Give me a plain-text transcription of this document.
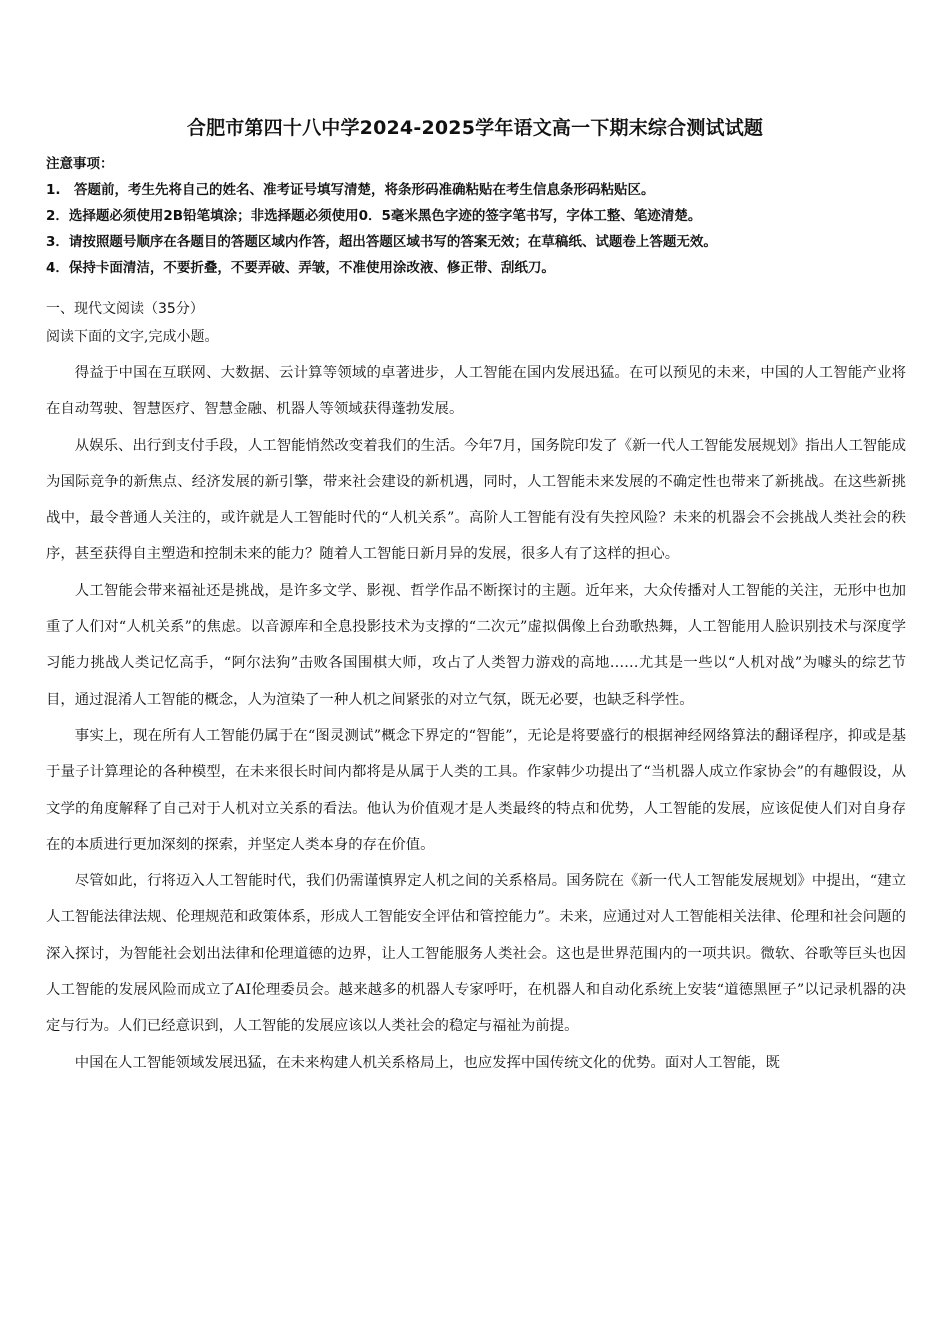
合肥市第四十八中学2024-2025学年语文高一下期末综合测试试题
注意事项：
1.　答题前，考生先将自己的姓名、准考证号填写清楚，将条形码准确粘贴在考生信息条形码粘贴区。
2．选择题必须使用2B铅笔填涂；非选择题必须使用0．5毫米黑色字迹的签字笔书写，字体工整、笔迹清楚。
3．请按照题号顺序在各题目的答题区域内作答，超出答题区域书写的答案无效；在草稿纸、试题卷上答题无效。
4．保持卡面清洁，不要折叠，不要弄破、弄皱，不准使用涂改液、修正带、刮纸刀。
一、现代文阅读（35分）
阅读下面的文字,完成小题。

得益于中国在互联网、大数据、云计算等领域的卓著进步，人工智能在国内发展迅猛。在可以预见的未来，中国的人工智能产业将在自动驾驶、智慧医疗、智慧金融、机器人等领域获得蓬勃发展。

从娱乐、出行到支付手段，人工智能悄然改变着我们的生活。今年7月，国务院印发了《新一代人工智能发展规划》指出人工智能成为国际竞争的新焦点、经济发展的新引擎，带来社会建设的新机遇，同时，人工智能未来发展的不确定性也带来了新挑战。在这些新挑战中，最令普通人关注的，或许就是人工智能时代的“人机关系”。高阶人工智能有没有失控风险？未来的机器会不会挑战人类社会的秩序，甚至获得自主塑造和控制未来的能力？随着人工智能日新月异的发展，很多人有了这样的担心。

人工智能会带来福祉还是挑战，是许多文学、影视、哲学作品不断探讨的主题。近年来，大众传播对人工智能的关注，无形中也加重了人们对“人机关系”的焦虑。以音源库和全息投影技术为支撑的“二次元”虚拟偶像上台劲歌热舞，人工智能用人脸识别技术与深度学习能力挑战人类记忆高手，“阿尔法狗”击败各国围棋大师，攻占了人类智力游戏的高地……尤其是一些以“人机对战”为噱头的综艺节目，通过混淆人工智能的概念，人为渲染了一种人机之间紧张的对立气氛，既无必要，也缺乏科学性。

事实上，现在所有人工智能仍属于在“图灵测试”概念下界定的“智能”，无论是将要盛行的根据神经网络算法的翻译程序，抑或是基于量子计算理论的各种模型，在未来很长时间内都将是从属于人类的工具。作家韩少功提出了“当机器人成立作家协会”的有趣假设，从文学的角度解释了自己对于人机对立关系的看法。他认为价值观才是人类最终的特点和优势，人工智能的发展，应该促使人们对自身存在的本质进行更加深刻的探索，并坚定人类本身的存在价值。

尽管如此，行将迈入人工智能时代，我们仍需谨慎界定人机之间的关系格局。国务院在《新一代人工智能发展规划》中提出，“建立人工智能法律法规、伦理规范和政策体系，形成人工智能安全评估和管控能力”。未来，应通过对人工智能相关法律、伦理和社会问题的深入探讨，为智能社会划出法律和伦理道德的边界，让人工智能服务人类社会。这也是世界范围内的一项共识。微软、谷歌等巨头也因人工智能的发展风险而成立了AI伦理委员会。越来越多的机器人专家呼吁，在机器人和自动化系统上安装“道德黑匣子”以记录机器的决定与行为。人们已经意识到，人工智能的发展应该以人类社会的稳定与福祉为前提。

中国在人工智能领域发展迅猛，在未来构建人机关系格局上，也应发挥中国传统文化的优势。面对人工智能，既
